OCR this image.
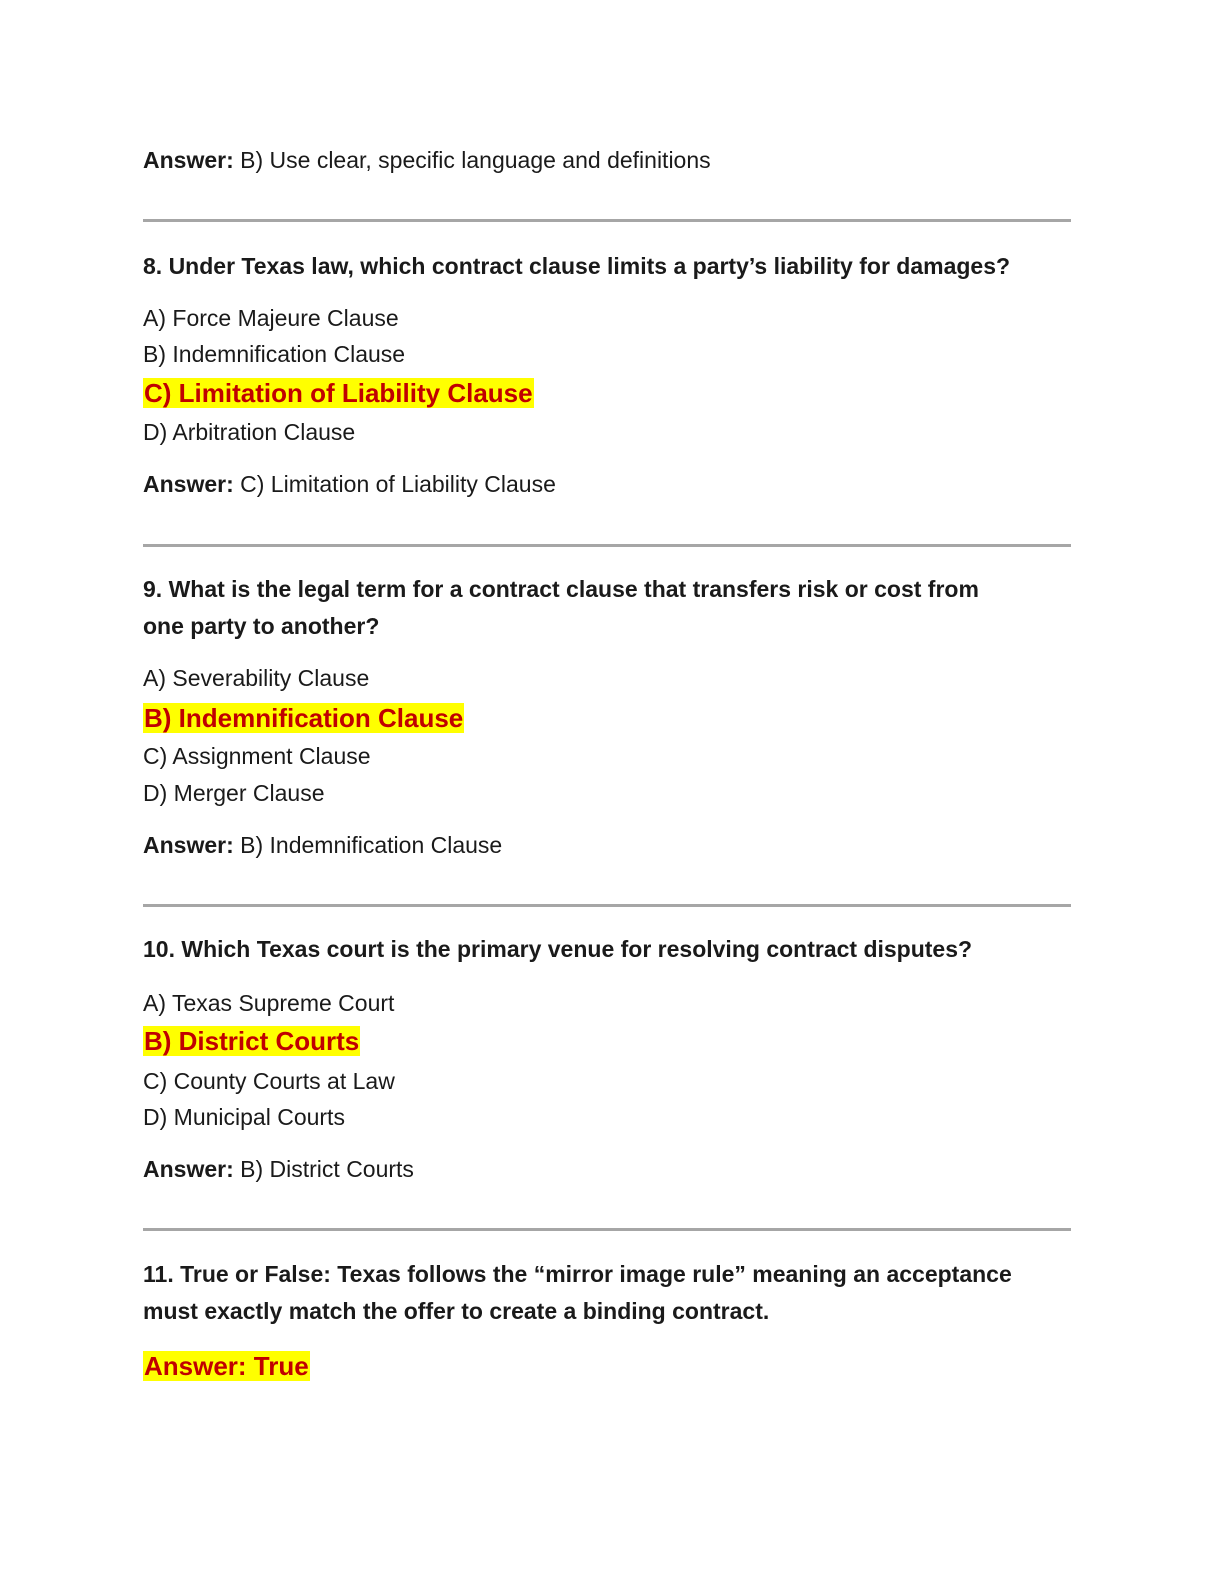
Answer: B) Use clear, specific language and definitions
8. Under Texas law, which contract clause limits a party’s liability for damages?
A) Force Majeure Clause
B) Indemnification Clause
C) Limitation of Liability Clause
D) Arbitration Clause
Answer: C) Limitation of Liability Clause
9. What is the legal term for a contract clause that transfers risk or cost from
one party to another?
A) Severability Clause
B) Indemnification Clause
C) Assignment Clause
D) Merger Clause
Answer: B) Indemnification Clause
10. Which Texas court is the primary venue for resolving contract disputes?
A) Texas Supreme Court
B) District Courts
C) County Courts at Law
D) Municipal Courts
Answer: B) District Courts
11. True or False: Texas follows the “mirror image rule” meaning an acceptance
must exactly match the offer to create a binding contract.
Answer: True
